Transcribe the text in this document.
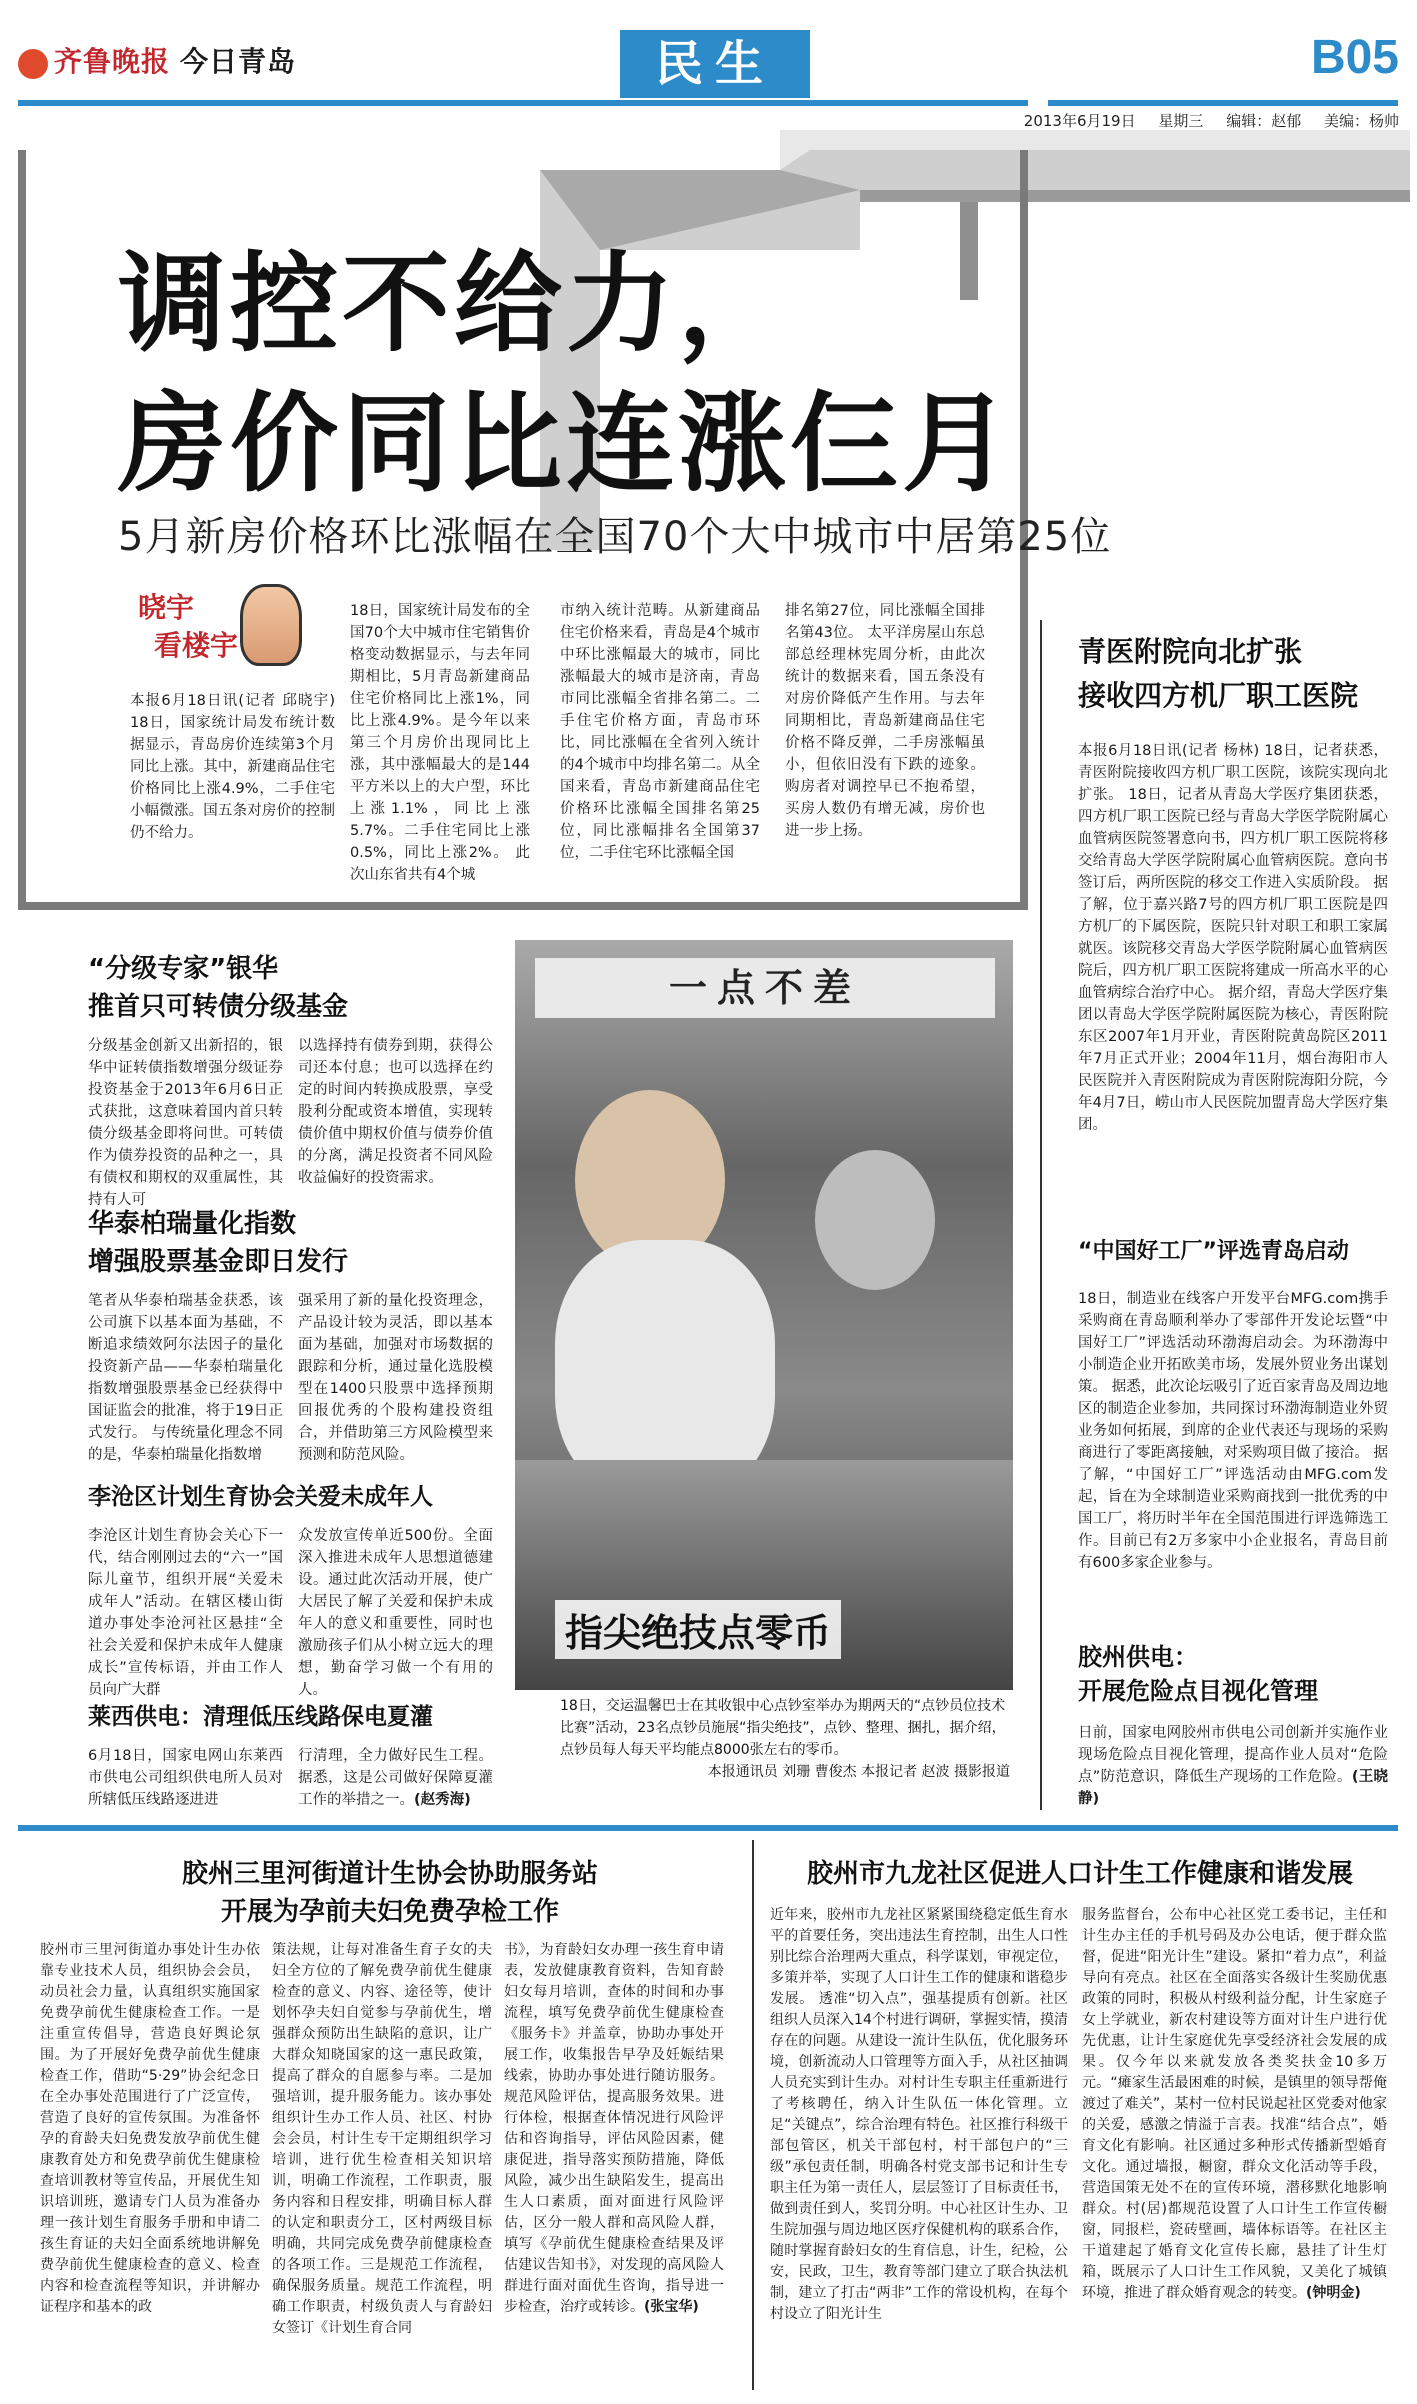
齐鲁晚报 今日青岛	民生	B05
2013年6月19日 星期三 编辑：赵郁 美编：杨帅
调控不给力，
房价同比连涨仨月
5月新房价格环比涨幅在全国70个大中城市中居第25位
晓宇
看楼宇
本报6月18日讯(记者 邱晓宇) 18日，国家统计局发布统计数据显示，青岛房价连续第3个月同比上涨。其中，新建商品住宅价格同比上涨4.9%，二手住宅小幅微涨。国五条对房价的控制仍不给力。
18日，国家统计局发布的全国70个大中城市住宅销售价格变动数据显示，与去年同期相比，5月青岛新建商品住宅价格同比上涨1%，同比上涨4.9%。是今年以来第三个月房价出现同比上涨，其中涨幅最大的是144平方米以上的大户型，环比上涨1.1%，同比上涨5.7%。二手住宅同比上涨0.5%，同比上涨2%。 此次山东省共有4个城
市纳入统计范畴。从新建商品住宅价格来看，青岛是4个城市中环比涨幅最大的城市，同比涨幅最大的城市是济南，青岛市同比涨幅全省排名第二。二手住宅价格方面，青岛市环比，同比涨幅在全省列入统计的4个城市中均排名第二。从全国来看，青岛市新建商品住宅价格环比涨幅全国排名第25位，同比涨幅排名全国第37位，二手住宅环比涨幅全国
排名第27位，同比涨幅全国排名第43位。 太平洋房屋山东总部总经理林宪周分析，由此次统计的数据来看，国五条没有对房价降低产生作用。与去年同期相比，青岛新建商品住宅价格不降反弹，二手房涨幅虽小，但依旧没有下跌的迹象。购房者对调控早已不抱希望，买房人数仍有增无减，房价也进一步上扬。
青医附院向北扩张
接收四方机厂职工医院
本报6月18日讯(记者 杨林) 18日，记者获悉，青医附院接收四方机厂职工医院，该院实现向北扩张。 18日，记者从青岛大学医疗集团获悉，四方机厂职工医院已经与青岛大学医学院附属心血管病医院签署意向书，四方机厂职工医院将移交给青岛大学医学院附属心血管病医院。意向书签订后，两所医院的移交工作进入实质阶段。 据了解，位于嘉兴路7号的四方机厂职工医院是四方机厂的下属医院，医院只针对职工和职工家属就医。该院移交青岛大学医学院附属心血管病医院后，四方机厂职工医院将建成一所高水平的心血管病综合治疗中心。 据介绍，青岛大学医疗集团以青岛大学医学院附属医院为核心，青医附院东区2007年1月开业，青医附院黄岛院区2011年7月正式开业；2004年11月，烟台海阳市人民医院并入青医附院成为青医附院海阳分院，今年4月7日，崂山市人民医院加盟青岛大学医疗集团。
“中国好工厂”评选青岛启动
18日，制造业在线客户开发平台MFG.com携手采购商在青岛顺利举办了零部件开发论坛暨“中国好工厂”评选活动环渤海启动会。为环渤海中小制造企业开拓欧美市场，发展外贸业务出谋划策。 据悉，此次论坛吸引了近百家青岛及周边地区的制造企业参加，共同探讨环渤海制造业外贸业务如何拓展，到席的企业代表还与现场的采购商进行了零距离接触，对采购项目做了接洽。 据了解，“中国好工厂”评选活动由MFG.com发起，旨在为全球制造业采购商找到一批优秀的中国工厂，将历时半年在全国范围进行评选筛选工作。目前已有2万多家中小企业报名，青岛目前有600多家企业参与。
胶州供电：
开展危险点目视化管理
日前，国家电网胶州市供电公司创新并实施作业现场危险点目视化管理，提高作业人员对“危险点”防范意识，降低生产现场的工作危险。(王晓静)
“分级专家”银华
推首只可转债分级基金
分级基金创新又出新招的，银华中证转债指数增强分级证券投资基金于2013年6月6日正式获批，这意味着国内首只转债分级基金即将问世。可转债作为债券投资的品种之一，具有债权和期权的双重属性，其持有人可
以选择持有债券到期，获得公司还本付息；也可以选择在约定的时间内转换成股票，享受股利分配或资本增值，实现转债价值中期权价值与债券价值的分离，满足投资者不同风险收益偏好的投资需求。
华泰柏瑞量化指数
增强股票基金即日发行
笔者从华泰柏瑞基金获悉，该公司旗下以基本面为基础，不断追求绩效阿尔法因子的量化投资新产品——华泰柏瑞量化指数增强股票基金已经获得中国证监会的批准，将于19日正式发行。 与传统量化理念不同的是，华泰柏瑞量化指数增
强采用了新的量化投资理念，产品设计较为灵活，即以基本面为基础，加强对市场数据的跟踪和分析，通过量化选股模型在1400只股票中选择预期回报优秀的个股构建投资组合，并借助第三方风险模型来预测和防范风险。
李沧区计划生育协会关爱未成年人
李沧区计划生育协会关心下一代，结合刚刚过去的“六一”国际儿童节，组织开展“关爱未成年人”活动。在辖区楼山街道办事处李沧河社区悬挂“全社会关爱和保护未成年人健康成长”宣传标语，并由工作人员向广大群
众发放宣传单近500份。全面深入推进未成年人思想道德建设。通过此次活动开展，使广大居民了解了关爱和保护未成年人的意义和重要性，同时也激励孩子们从小树立远大的理想，勤奋学习做一个有用的人。
莱西供电：清理低压线路保电夏灌
6月18日，国家电网山东莱西市供电公司组织供电所人员对所辖低压线路逐进进
行清理，全力做好民生工程。据悉，这是公司做好保障夏灌工作的举措之一。(赵秀海)
一点不差
指尖绝技点零币
18日，交运温馨巴士在其收银中心点钞室举办为期两天的“点钞员位技术比赛”活动，23名点钞员施展“指尖绝技”，点钞、整理、捆扎，据介绍，点钞员每人每天平均能点8000张左右的零币。
本报通讯员 刘珊 曹俊杰 本报记者 赵波 摄影报道
胶州三里河街道计生协会协助服务站
开展为孕前夫妇免费孕检工作
胶州市三里河街道办事处计生办依靠专业技术人员，组织协会会员，动员社会力量，认真组织实施国家免费孕前优生健康检查工作。一是注重宣传倡导，营造良好舆论氛围。为了开展好免费孕前优生健康检查工作，借助“5·29”协会纪念日在全办事处范围进行了广泛宣传，营造了良好的宣传氛围。为准备怀孕的育龄夫妇免费发放孕前优生健康教育处方和免费孕前优生健康检查培训教材等宣传品，开展优生知识培训班，邀请专门人员为准备办理一孩计划生育服务手册和申请二孩生育证的夫妇全面系统地讲解免费孕前优生健康检查的意义、检查内容和检查流程等知识，并讲解办证程序和基本的政
策法规，让每对准备生育子女的夫妇全方位的了解免费孕前优生健康检查的意义、内容、途径等，使计划怀孕夫妇自觉参与孕前优生，增强群众预防出生缺陷的意识，让广大群众知晓国家的这一惠民政策，提高了群众的自愿参与率。二是加强培训，提升服务能力。该办事处组织计生办工作人员、社区、村协会会员，村计生专干定期组织学习培训，进行优生检查相关知识培训，明确工作流程，工作职责，服务内容和日程安排，明确目标人群的认定和职责分工，区村两级目标明确，共同完成免费孕前健康检查的各项工作。三是规范工作流程，确保服务质量。规范工作流程，明确工作职责，村级负责人与育龄妇女签订《计划生育合同
书》，为育龄妇女办理一孩生育申请表，发放健康教育资料，告知育龄妇女每月培训，查体的时间和办事流程，填写免费孕前优生健康检查《服务卡》并盖章，协助办事处开展工作，收集报告早孕及妊娠结果线索，协助办事处进行随访服务。规范风险评估，提高服务效果。进行体检，根据查体情况进行风险评估和咨询指导，评估风险因素，健康促进，指导落实预防措施，降低风险，减少出生缺陷发生，提高出生人口素质，面对面进行风险评估，区分一般人群和高风险人群，填写《孕前优生健康检查结果及评估建议告知书》，对发现的高风险人群进行面对面优生咨询，指导进一步检查，治疗或转诊。(张宝华)
胶州市九龙社区促进人口计生工作健康和谐发展
近年来，胶州市九龙社区紧紧围绕稳定低生育水平的首要任务，突出违法生育控制，出生人口性别比综合治理两大重点，科学谋划，审视定位，多策并举，实现了人口计生工作的健康和谐稳步发展。 透准“切入点”，强基提质有创新。社区组织人员深入14个村进行调研，掌握实情，摸清存在的问题。从建设一流计生队伍，优化服务环境，创新流动人口管理等方面入手，从社区抽调人员充实到计生办。对村计生专职主任重新进行了考核聘任，纳入计生队伍一体化管理。立足“关键点”，综合治理有特色。社区推行科级干部包管区，机关干部包村，村干部包户的“三级”承包责任制，明确各村党支部书记和计生专职主任为第一责任人，层层签订了目标责任书，做到责任到人，奖罚分明。中心社区计生办、卫生院加强与周边地区医疗保健机构的联系合作，随时掌握育龄妇女的生育信息，计生，纪检，公安，民政，卫生，教育等部门建立了联合执法机制，建立了打击“两非”工作的常设机构，在每个村设立了阳光计生
服务监督台，公布中心社区党工委书记，主任和计生办主任的手机号码及办公电话，便于群众监督，促进“阳光计生”建设。紧扣“着力点”，利益导向有亮点。社区在全面落实各级计生奖励优惠政策的同时，积极从村级利益分配，计生家庭子女上学就业，新农村建设等方面对计生户进行优先优惠，让计生家庭优先享受经济社会发展的成果。仅今年以来就发放各类奖扶金10多万元。“瘫家生活最困难的时候，是镇里的领导帮俺渡过了难关”，某村一位村民说起社区党委对他家的关爱，感激之情溢于言表。找准“结合点”，婚育文化有影响。社区通过多种形式传播新型婚育文化。通过墙报，橱窗，群众文化活动等手段，营造国策无处不在的宣传环境，潜移默化地影响群众。村(居)都规范设置了人口计生工作宣传橱窗，同报栏，瓷砖壁画，墙体标语等。在社区主干道建起了婚育文化宣传长廊，悬挂了计生灯箱，既展示了人口计生工作风貌，又美化了城镇环境，推进了群众婚育观念的转变。(钟明金)
